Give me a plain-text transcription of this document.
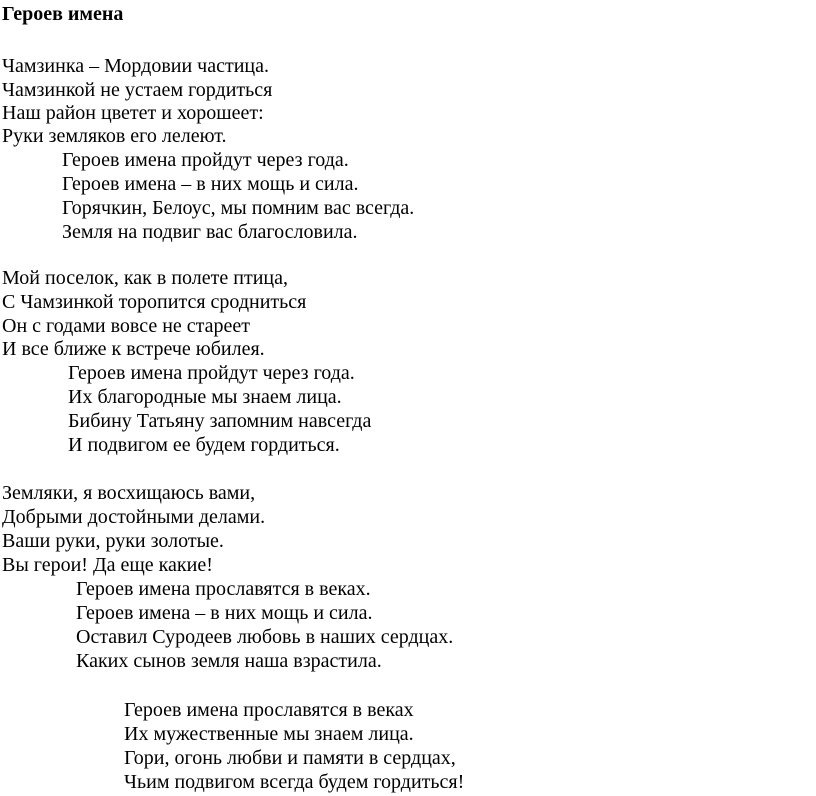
Героев имена
Чамзинка – Мордовии частица.
Чамзинкой не устаем гордиться
Наш район цветет и хорошеет:
Руки земляков его лелеют.
Героев имена пройдут через года.
Героев имена – в них мощь и сила.
Горячкин, Белоус, мы помним вас всегда.
Земля на подвиг вас благословила.
Мой поселок, как в полете птица,
С Чамзинкой торопится сродниться
Он с годами вовсе не стареет
И все ближе к встрече юбилея.
Героев имена пройдут через года.
Их благородные мы знаем лица.
Бибину Татьяну запомним навсегда
И подвигом ее будем гордиться.
Земляки, я восхищаюсь вами,
Добрыми достойными делами.
Ваши руки, руки золотые.
Вы герои! Да еще какие!
Героев имена прославятся в веках.
Героев имена – в них мощь и сила.
Оставил Суродеев любовь в наших сердцах.
Каких сынов земля наша взрастила.
Героев имена прославятся в веках
Их мужественные мы знаем лица.
Гори, огонь любви и памяти в сердцах,
Чьим подвигом всегда будем гордиться!
